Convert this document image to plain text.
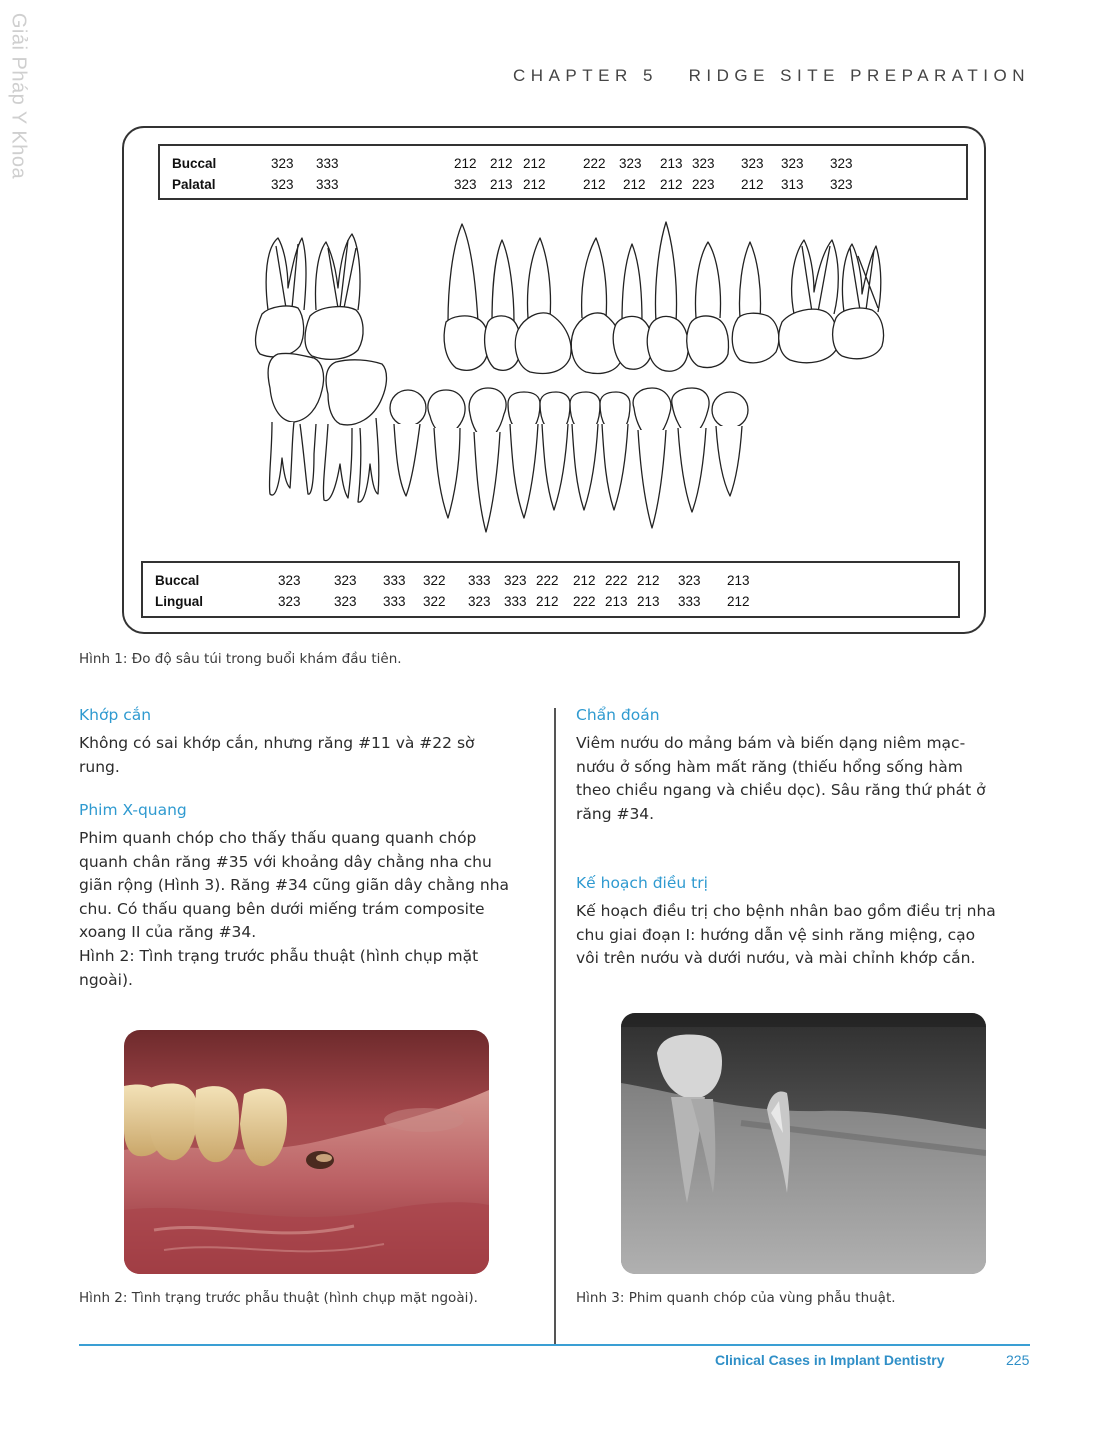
Giải Pháp Y Khoa	CHAPTER 5   RIDGE SITE PREPARATION
Buccal	323 333	212 212 212	222 323 213 323 323 323 323
Palatal	323 333	323 213 212	212 212 212 223 212 313 323
Buccal	323 323 333 322 333 323 222 212 222 212 323 213
Lingual	323 323 333 322 323 333 212 222 213 213 333 212
Hình 1: Đo độ sâu túi trong buổi khám đầu tiên.
Khớp cắn

Không có sai khớp cắn, nhưng răng #11 và #22 sờ rung.

Phim X-quang

Phim quanh chóp cho thấy thấu quang quanh chóp quanh chân răng #35 với khoảng dây chằng nha chu giãn rộng (Hình 3). Răng #34 cũng giãn dây chằng nha chu. Có thấu quang bên dưới miếng trám composite xoang II của răng #34.

Hình 2: Tình trạng trước phẫu thuật (hình chụp mặt ngoài).

Hình 2: Tình trạng trước phẫu thuật (hình chụp mặt ngoài).
Chẩn đoán

Viêm nướu do mảng bám và biến dạng niêm mạc-nướu ở sống hàm mất răng (thiếu hổng sống hàm theo chiều ngang và chiều dọc). Sâu răng thứ phát ở răng #34.

Kế hoạch điều trị

Kế hoạch điều trị cho bệnh nhân bao gồm điều trị nha chu giai đoạn I: hướng dẫn vệ sinh răng miệng, cạo vôi trên nướu và dưới nướu, và mài chỉnh khớp cắn.

Hình 3: Phim quanh chóp của vùng phẫu thuật.
Clinical Cases in Implant Dentistry	225
